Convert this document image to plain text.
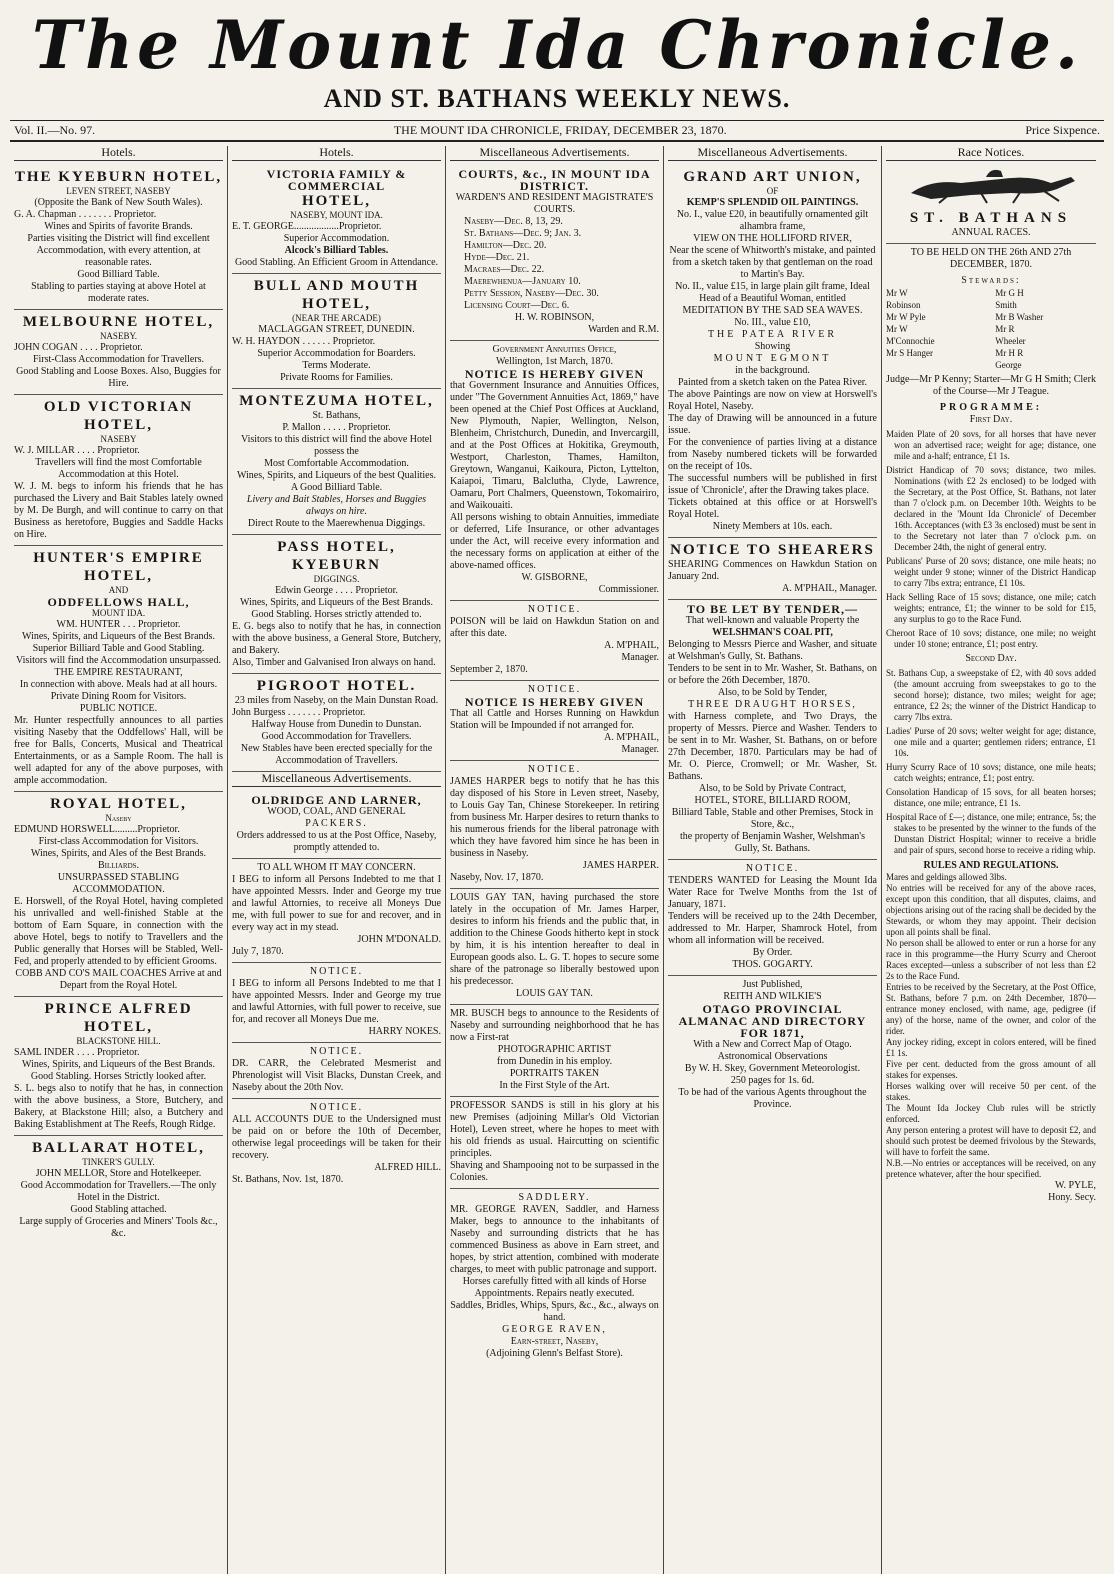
The Mount Ida Chronicle.
AND ST. BATHANS WEEKLY NEWS.
Vol. II.—No. 97.	THE MOUNT IDA CHRONICLE, FRIDAY, DECEMBER 23, 1870.	Price Sixpence.
Hotels.
THE KYEBURN HOTEL,
LEVEN STREET, NASEBY
(Opposite the Bank of New South Wales).
G. A. Chapman . . . . . . . Proprietor.
Wines and Spirits of favorite Brands.
Parties visiting the District will find excellent Accommodation, with every attention, at reasonable rates.
Good Billiard Table.
Stabling to parties staying at above Hotel at moderate rates.
MELBOURNE HOTEL,
NASEBY.
JOHN COGAN . . . . Proprietor.
First-Class Accommodation for Travellers.
Good Stabling and Loose Boxes. Also, Buggies for Hire.
OLD VICTORIAN HOTEL,
NASEBY
W. J. MILLAR . . . . Proprietor.
Travellers will find the most Comfortable Accommodation at this Hotel.
W. J. M. begs to inform his friends that he has purchased the Livery and Bait Stables lately owned by M. De Burgh, and will continue to carry on that Business as heretofore, Buggies and Saddle Hacks on Hire.
HUNTER'S EMPIRE HOTEL,
AND
ODDFELLOWS HALL,
MOUNT IDA.
WM. HUNTER . . . Proprietor.
Wines, Spirits, and Liqueurs of the Best Brands.
Superior Billiard Table and Good Stabling.
Visitors will find the Accommodation unsurpassed.
THE EMPIRE RESTAURANT,
In connection with above. Meals had at all hours. Private Dining Room for Visitors.
PUBLIC NOTICE.
Mr. Hunter respectfully announces to all parties visiting Naseby that the Oddfellows' Hall, will be free for Balls, Concerts, Musical and Theatrical Entertainments, or as a Sample Room. The hall is well adapted for any of the above purposes, with ample accommodation.
ROYAL HOTEL,
Naseby
EDMUND HORSWELL.........Proprietor.
First-class Accommodation for Visitors.
Wines, Spirits, and Ales of the Best Brands.
Billiards.
UNSURPASSED STABLING ACCOMMODATION.
E. Horswell, of the Royal Hotel, having completed his unrivalled and well-finished Stable at the bottom of Earn Square, in connection with the above Hotel, begs to notify to Travellers and the Public generally that Horses will be Stabled, Well-Fed, and properly attended to by efficient Grooms.
COBB AND CO'S MAIL COACHES Arrive at and Depart from the Royal Hotel.
PRINCE ALFRED HOTEL,
BLACKSTONE HILL.
SAML INDER . . . . Proprietor.
Wines, Spirits, and Liqueurs of the Best Brands.
Good Stabling. Horses Strictly looked after.
S. L. begs also to notify that he has, in connection with the above business, a Store, Butchery, and Bakery, at Blackstone Hill; also, a Butchery and Baking Establishment at The Reefs, Rough Ridge.
BALLARAT HOTEL,
TINKER'S GULLY.
JOHN MELLOR, Store and Hotelkeeper.
Good Accommodation for Travellers.—The only Hotel in the District.
Good Stabling attached.
Large supply of Groceries and Miners' Tools &c., &c.
Hotels.
VICTORIA FAMILY & COMMERCIAL
HOTEL,
NASEBY, MOUNT IDA.
E. T. GEORGE..................Proprietor.
Superior Accommodation.
Alcock's Billiard Tables.
Good Stabling. An Efficient Groom in Attendance.
BULL AND MOUTH HOTEL,
(NEAR THE ARCADE)
MACLAGGAN STREET, DUNEDIN.
W. H. HAYDON . . . . . . Proprietor.
Superior Accommodation for Boarders.
Terms Moderate.
Private Rooms for Families.
MONTEZUMA HOTEL,
St. Bathans,
P. Mallon . . . . . Proprietor.
Visitors to this district will find the above Hotel possess the
Most Comfortable Accommodation.
Wines, Spirits, and Liqueurs of the best Qualities.
A Good Billiard Table.
Livery and Bait Stables, Horses and Buggies always on hire.
Direct Route to the Maerewhenua Diggings.
PASS HOTEL, KYEBURN
DIGGINGS.
Edwin George . . . . Proprietor.
Wines, Spirits, and Liqueurs of the Best Brands.
Good Stabling. Horses strictly attended to.
E. G. begs also to notify that he has, in connection with the above business, a General Store, Butchery, and Bakery.
Also, Timber and Galvanised Iron always on hand.
PIGROOT HOTEL.
23 miles from Naseby, on the Main Dunstan Road.
John Burgess . . . . . . . Proprietor.
Halfway House from Dunedin to Dunstan.
Good Accommodation for Travellers.
New Stables have been erected specially for the Accommodation of Travellers.
Miscellaneous Advertisements.
OLDRIDGE AND LARNER,
WOOD, COAL, AND GENERAL
PACKERS.
Orders addressed to us at the Post Office, Naseby, promptly attended to.
TO ALL WHOM IT MAY CONCERN.
I BEG to inform all Persons Indebted to me that I have appointed Messrs. Inder and George my true and lawful Attornies, to receive all Moneys Due me, with full power to sue for and recover, and in every way act in my stead.
JOHN M'DONALD.
July 7, 1870.
NOTICE.
I BEG to inform all Persons Indebted to me that I have appointed Messrs. Inder and George my true and lawful Attornies, with full power to receive, sue for, and recover all Moneys Due me.
HARRY NOKES.
NOTICE.
DR. CARR, the Celebrated Mesmerist and Phrenologist will Visit Blacks, Dunstan Creek, and Naseby about the 20th Nov.
NOTICE.
ALL ACCOUNTS DUE to the Undersigned must be paid on or before the 10th of December, otherwise legal proceedings will be taken for their recovery.
ALFRED HILL.
St. Bathans, Nov. 1st, 1870.
Miscellaneous Advertisements.
COURTS, &c., IN MOUNT IDA DISTRICT.
WARDEN'S AND RESIDENT MAGISTRATE'S COURTS.
Naseby—Dec. 8, 13, 29.
St. Bathans—Dec. 9; Jan. 3.
Hamilton—Dec. 20.
Hyde—Dec. 21.
Macraes—Dec. 22.
Maerewhenua—January 10.
Petty Session, Naseby—Dec. 30.
Licensing Court—Dec. 6.
H. W. ROBINSON,
Warden and R.M.
Government Annuities Office,
Wellington, 1st March, 1870.
NOTICE IS HEREBY GIVEN
that Government Insurance and Annuities Offices, under "The Government Annuities Act, 1869," have been opened at the Chief Post Offices at Auckland, New Plymouth, Napier, Wellington, Nelson, Blenheim, Christchurch, Dunedin, and Invercargill, and at the Post Offices at Hokitika, Greymouth, Westport, Charleston, Thames, Hamilton, Greytown, Wanganui, Kaikoura, Picton, Lyttelton, Kaiapoi, Timaru, Balclutha, Clyde, Lawrence, Oamaru, Port Chalmers, Queenstown, Tokomairiro, and Waikouaiti.
All persons wishing to obtain Annuities, immediate or deferred, Life Insurance, or other advantages under the Act, will receive every information and the necessary forms on application at either of the above-named offices.
W. GISBORNE,
Commissioner.
NOTICE.
POISON will be laid on Hawkdun Station on and after this date.
A. M'PHAIL,
Manager.
September 2, 1870.
NOTICE.
NOTICE IS HEREBY GIVEN
That all Cattle and Horses Running on Hawkdun Station will be Impounded if not arranged for.
A. M'PHAIL,
Manager.
NOTICE.
JAMES HARPER begs to notify that he has this day disposed of his Store in Leven street, Naseby, to Louis Gay Tan, Chinese Storekeeper. In retiring from business Mr. Harper desires to return thanks to his numerous friends for the liberal patronage with which they have favored him since he has been in business in Naseby.
JAMES HARPER.
Naseby, Nov. 17, 1870.
LOUIS GAY TAN, having purchased the store lately in the occupation of Mr. James Harper, desires to inform his friends and the public that, in addition to the Chinese Goods hitherto kept in stock by him, it is his intention hereafter to deal in European goods also. L. G. T. hopes to secure some share of the patronage so liberally bestowed upon his predecessor.
LOUIS GAY TAN.
MR. BUSCH begs to announce to the Residents of Naseby and surrounding neighborhood that he has now a First-rat
PHOTOGRAPHIC ARTIST
from Dunedin in his employ.
PORTRAITS TAKEN
In the First Style of the Art.
PROFESSOR SANDS is still in his glory at his new Premises (adjoining Millar's Old Victorian Hotel), Leven street, where he hopes to meet with his old friends as usual. Haircutting on scientific principles.
Shaving and Shampooing not to be surpassed in the Colonies.
SADDLERY.
MR. GEORGE RAVEN, Saddler, and Harness Maker, begs to announce to the inhabitants of Naseby and surrounding districts that he has commenced Business as above in Earn street, and hopes, by strict attention, combined with moderate charges, to meet with public patronage and support.
Horses carefully fitted with all kinds of Horse Appointments. Repairs neatly executed.
Saddles, Bridles, Whips, Spurs, &c., &c., always on hand.
GEORGE RAVEN,
Earn-street, Naseby,
(Adjoining Glenn's Belfast Store).
Miscellaneous Advertisements.
GRAND ART UNION,
OF
KEMP'S SPLENDID OIL PAINTINGS.
No. I., value £20, in beautifully ornamented gilt alhambra frame,
VIEW ON THE HOLLIFORD RIVER,
Near the scene of Whitworth's mistake, and painted from a sketch taken by that gentleman on the road to Martin's Bay.
No. II., value £15, in large plain gilt frame, Ideal Head of a Beautiful Woman, entitled
MEDITATION BY THE SAD SEA WAVES.
No. III., value £10,
THE PATEA RIVER
Showing
MOUNT EGMONT
in the background.
Painted from a sketch taken on the Patea River.
The above Paintings are now on view at Horswell's Royal Hotel, Naseby.
The day of Drawing will be announced in a future issue.
For the convenience of parties living at a distance from Naseby numbered tickets will be forwarded on the receipt of 10s.
The successful numbers will be published in first issue of 'Chronicle', after the Drawing takes place.
Tickets obtained at this office or at Horswell's Royal Hotel.
Ninety Members at 10s. each.
NOTICE TO SHEARERS
SHEARING Commences on Hawkdun Station on January 2nd.
A. M'PHAIL, Manager.
TO BE LET BY TENDER,—
That well-known and valuable Property the
WELSHMAN'S COAL PIT,
Belonging to Messrs Pierce and Washer, and situate at Welshman's Gully, St. Bathans.
Tenders to be sent in to Mr. Washer, St. Bathans, on or before the 26th December, 1870.
Also, to be Sold by Tender,
THREE DRAUGHT HORSES,
with Harness complete, and Two Drays, the property of Messrs. Pierce and Washer. Tenders to be sent in to Mr. Washer, St. Bathans, on or before 27th December, 1870. Particulars may be had of Mr. O. Pierce, Cromwell; or Mr. Washer, St. Bathans.
Also, to be Sold by Private Contract,
HOTEL, STORE, BILLIARD ROOM,
Billiard Table, Stable and other Premises, Stock in Store, &c.,
the property of Benjamin Washer, Welshman's Gully, St. Bathans.
NOTICE.
TENDERS WANTED for Leasing the Mount Ida Water Race for Twelve Months from the 1st of January, 1871.
Tenders will be received up to the 24th December, addressed to Mr. Harper, Shamrock Hotel, from whom all information will be received.
By Order.
THOS. GOGARTY.
Just Published,
REITH AND WILKIE'S
OTAGO PROVINCIAL ALMANAC AND DIRECTORY FOR 1871,
With a New and Correct Map of Otago.
Astronomical Observations
By W. H. Skey, Government Meteorologist.
250 pages for 1s. 6d.
To be had of the various Agents throughout the Province.
Race Notices.
ST. BATHANS
ANNUAL RACES.
TO BE HELD ON THE 26th AND 27th DECEMBER, 1870.
Stewards:
Mr W Robinson
Mr W Pyle
Mr W M'Connochie
Mr S Hanger
Mr G H Smith
Mr B Washer
Mr R Wheeler
Mr H R George
Judge—Mr P Kenny; Starter—Mr G H Smith; Clerk of the Course—Mr J Teague.
PROGRAMME:
First Day.
Maiden Plate of 20 sovs, for all horses that have never won an advertised race; weight for age; distance, one mile and a-half; entrance, £1 1s.
District Handicap of 70 sovs; distance, two miles. Nominations (with £2 2s enclosed) to be lodged with the Secretary, at the Post Office, St. Bathans, not later than 7 o'clock p.m. on December 10th. Weights to be declared in the 'Mount Ida Chronicle' of December 16th. Acceptances (with £3 3s enclosed) must be sent in to the Secretary not later than 7 o'clock p.m. on December 24th, the night of general entry.
Publicans' Purse of 20 sovs; distance, one mile heats; no weight under 9 stone; winner of the District Handicap to carry 7lbs extra; entrance, £1 10s.
Hack Selling Race of 15 sovs; distance, one mile; catch weights; entrance, £1; the winner to be sold for £15, any surplus to go to the Race Fund.
Cheroot Race of 10 sovs; distance, one mile; no weight under 10 stone; entrance, £1; post entry.
Second Day.
St. Bathans Cup, a sweepstake of £2, with 40 sovs added (the amount accruing from sweepstakes to go to the second horse); distance, two miles; weight for age; entrance, £2 2s; the winner of the District Handicap to carry 7lbs extra.
Ladies' Purse of 20 sovs; welter weight for age; distance, one mile and a quarter; gentlemen riders; entrance, £1 10s.
Hurry Scurry Race of 10 sovs; distance, one mile heats; catch weights; entrance, £1; post entry.
Consolation Handicap of 15 sovs, for all beaten horses; distance, one mile; entrance, £1 1s.
Hospital Race of £—; distance, one mile; entrance, 5s; the stakes to be presented by the winner to the funds of the Dunstan District Hospital; winner to receive a bridle and pair of spurs, second horse to receive a riding whip.
RULES AND REGULATIONS.
Mares and geldings allowed 3lbs.
No entries will be received for any of the above races, except upon this condition, that all disputes, claims, and objections arising out of the racing shall be decided by the Stewards, or whom they may appoint. Their decision upon all points shall be final.
No person shall be allowed to enter or run a horse for any race in this programme—the Hurry Scurry and Cheroot Races excepted—unless a subscriber of not less than £2 2s to the Race Fund.
Entries to be received by the Secretary, at the Post Office, St. Bathans, before 7 p.m. on 24th December, 1870—entrance money enclosed, with name, age, pedigree (if any) of the horse, name of the owner, and color of the rider.
Any jockey riding, except in colors entered, will be fined £1 1s.
Five per cent. deducted from the gross amount of all stakes for expenses.
Horses walking over will receive 50 per cent. of the stakes.
The Mount Ida Jockey Club rules will be strictly enforced.
Any person entering a protest will have to deposit £2, and should such protest be deemed frivolous by the Stewards, will have to forfeit the same.
N.B.—No entries or acceptances will be received, on any pretence whatever, after the hour specified.
W. PYLE,
Hony. Secy.
